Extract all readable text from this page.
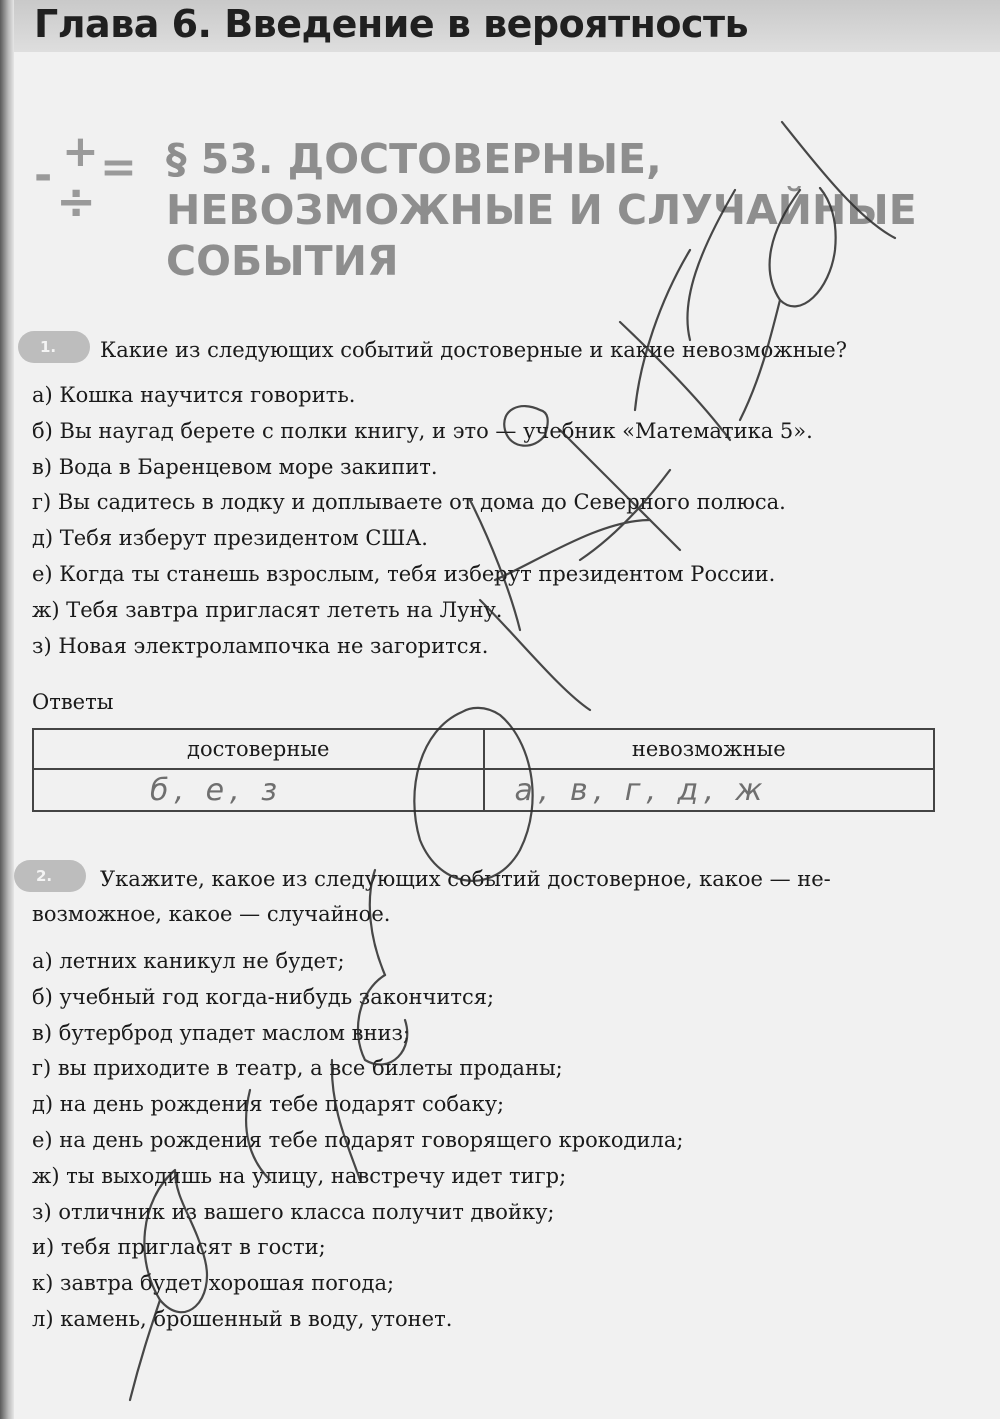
Глава 6. Введение в вероятность
- + =
÷
§ 53. ДОСТОВЕРНЫЕ,
НЕВОЗМОЖНЫЕ И СЛУЧАЙНЫЕ
СОБЫТИЯ
1.	Какие из следующих событий достоверные и какие невозможные?
а) Кошка научится говорить.
б) Вы наугад берете с полки книгу, и это — учебник «Математика 5».
в) Вода в Баренцевом море закипит.
г) Вы садитесь в лодку и доплываете от дома до Северного полюса.
д) Тебя изберут президентом США.
е) Когда ты станешь взрослым, тебя изберут президентом России.
ж) Тебя завтра пригласят лететь на Луну.
з) Новая электролампочка не загорится.
Ответы
достоверные	невозможные
б, е, з	а, в, г, д, ж
2.	Укажите, какое из следующих событий достоверное, какое — не-
возможное, какое — случайное.
а) летних каникул не будет;
б) учебный год когда-нибудь закончится;
в) бутерброд упадет маслом вниз;
г) вы приходите в театр, а все билеты проданы;
д) на день рождения тебе подарят собаку;
е) на день рождения тебе подарят говорящего крокодила;
ж) ты выходишь на улицу, навстречу идет тигр;
з) отличник из вашего класса получит двойку;
и) тебя пригласят в гости;
к) завтра будет хорошая погода;
л) камень, брошенный в воду, утонет.
